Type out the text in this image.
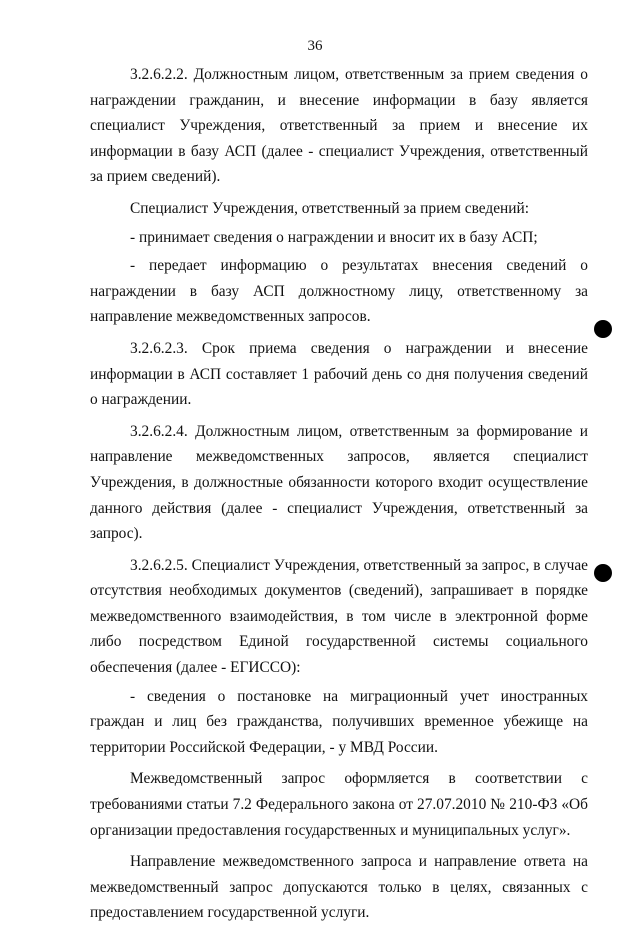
36

3.2.6.2.2. Должностным лицом, ответственным за прием сведения о награждении гражданин, и внесение информации в базу является специалист Учреждения, ответственный за прием и внесение их информации в базу АСП (далее - специалист Учреждения, ответственный за прием сведений).

Специалист Учреждения, ответственный за прием сведений:

- принимает сведения о награждении и вносит их в базу АСП;

- передает информацию о результатах внесения сведений о награждении в базу АСП должностному лицу, ответственному за направление межведомственных запросов.

3.2.6.2.3. Срок приема сведения о награждении и внесение информации в АСП составляет 1 рабочий день со дня получения сведений о награждении.

3.2.6.2.4. Должностным лицом, ответственным за формирование и направление межведомственных запросов, является специалист Учреждения, в должностные обязанности которого входит осуществление данного действия (далее - специалист Учреждения, ответственный за запрос).

3.2.6.2.5. Специалист Учреждения, ответственный за запрос, в случае отсутствия необходимых документов (сведений), запрашивает в порядке межведомственного взаимодействия, в том числе в электронной форме либо посредством Единой государственной системы социального обеспечения (далее - ЕГИССО):

- сведения о постановке на миграционный учет иностранных граждан и лиц без гражданства, получивших временное убежище на территории Российской Федерации, - у МВД России.

Межведомственный запрос оформляется в соответствии с требованиями статьи 7.2 Федерального закона от 27.07.2010 № 210-ФЗ «Об организации предоставления государственных и муниципальных услуг».

Направление межведомственного запроса и направление ответа на межведомственный запрос допускаются только в целях, связанных с предоставлением государственной услуги.
